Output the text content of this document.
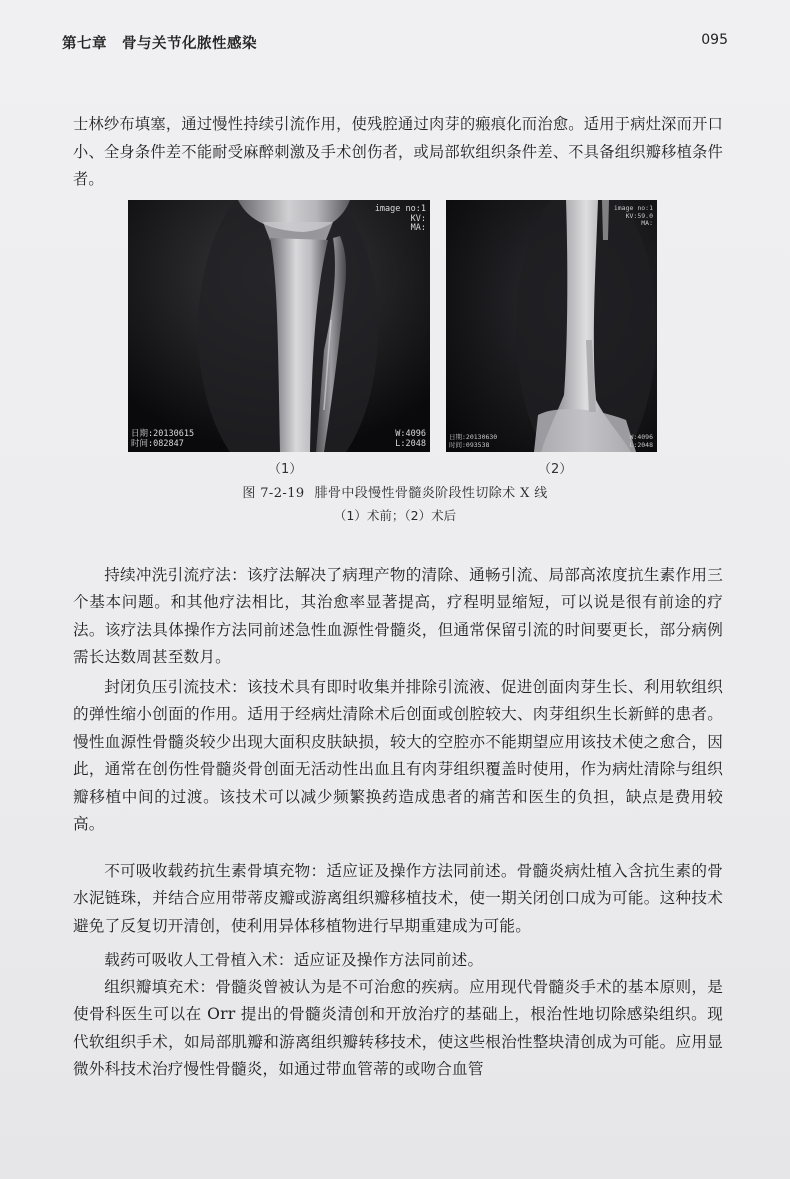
第七章　骨与关节化脓性感染	095

士林纱布填塞，通过慢性持续引流作用，使残腔通过肉芽的瘢痕化而治愈。适用于病灶深而开口小、全身条件差不能耐受麻醉刺激及手术创伤者，或局部软组织条件差、不具备组织瓣移植条件者。

image no:1
KV:
MA:
日期:20130615
时间:082847
W:4096
L:2048
image no:1
KV:59.0
MA:
日期:20130630
时间:093538
W:4096
L:2048
（1）	（2）
图 7-2-19 腓骨中段慢性骨髓炎阶段性切除术 X 线
（1）术前；（2）术后

持续冲洗引流疗法：该疗法解决了病理产物的清除、通畅引流、局部高浓度抗生素作用三个基本问题。和其他疗法相比，其治愈率显著提高，疗程明显缩短，可以说是很有前途的疗法。该疗法具体操作方法同前述急性血源性骨髓炎，但通常保留引流的时间要更长，部分病例需长达数周甚至数月。

封闭负压引流技术：该技术具有即时收集并排除引流液、促进创面肉芽生长、利用软组织的弹性缩小创面的作用。适用于经病灶清除术后创面或创腔较大、肉芽组织生长新鲜的患者。慢性血源性骨髓炎较少出现大面积皮肤缺损，较大的空腔亦不能期望应用该技术使之愈合，因此，通常在创伤性骨髓炎骨创面无活动性出血且有肉芽组织覆盖时使用，作为病灶清除与组织瓣移植中间的过渡。该技术可以减少频繁换药造成患者的痛苦和医生的负担，缺点是费用较高。

不可吸收载药抗生素骨填充物：适应证及操作方法同前述。骨髓炎病灶植入含抗生素的骨水泥链珠，并结合应用带蒂皮瓣或游离组织瓣移植技术，使一期关闭创口成为可能。这种技术避免了反复切开清创，使利用异体移植物进行早期重建成为可能。

载药可吸收人工骨植入术：适应证及操作方法同前述。

组织瓣填充术：骨髓炎曾被认为是不可治愈的疾病。应用现代骨髓炎手术的基本原则，是使骨科医生可以在 Orr 提出的骨髓炎清创和开放治疗的基础上，根治性地切除感染组织。现代软组织手术，如局部肌瓣和游离组织瓣转移技术，使这些根治性整块清创成为可能。应用显微外科技术治疗慢性骨髓炎，如通过带血管蒂的或吻合血管
